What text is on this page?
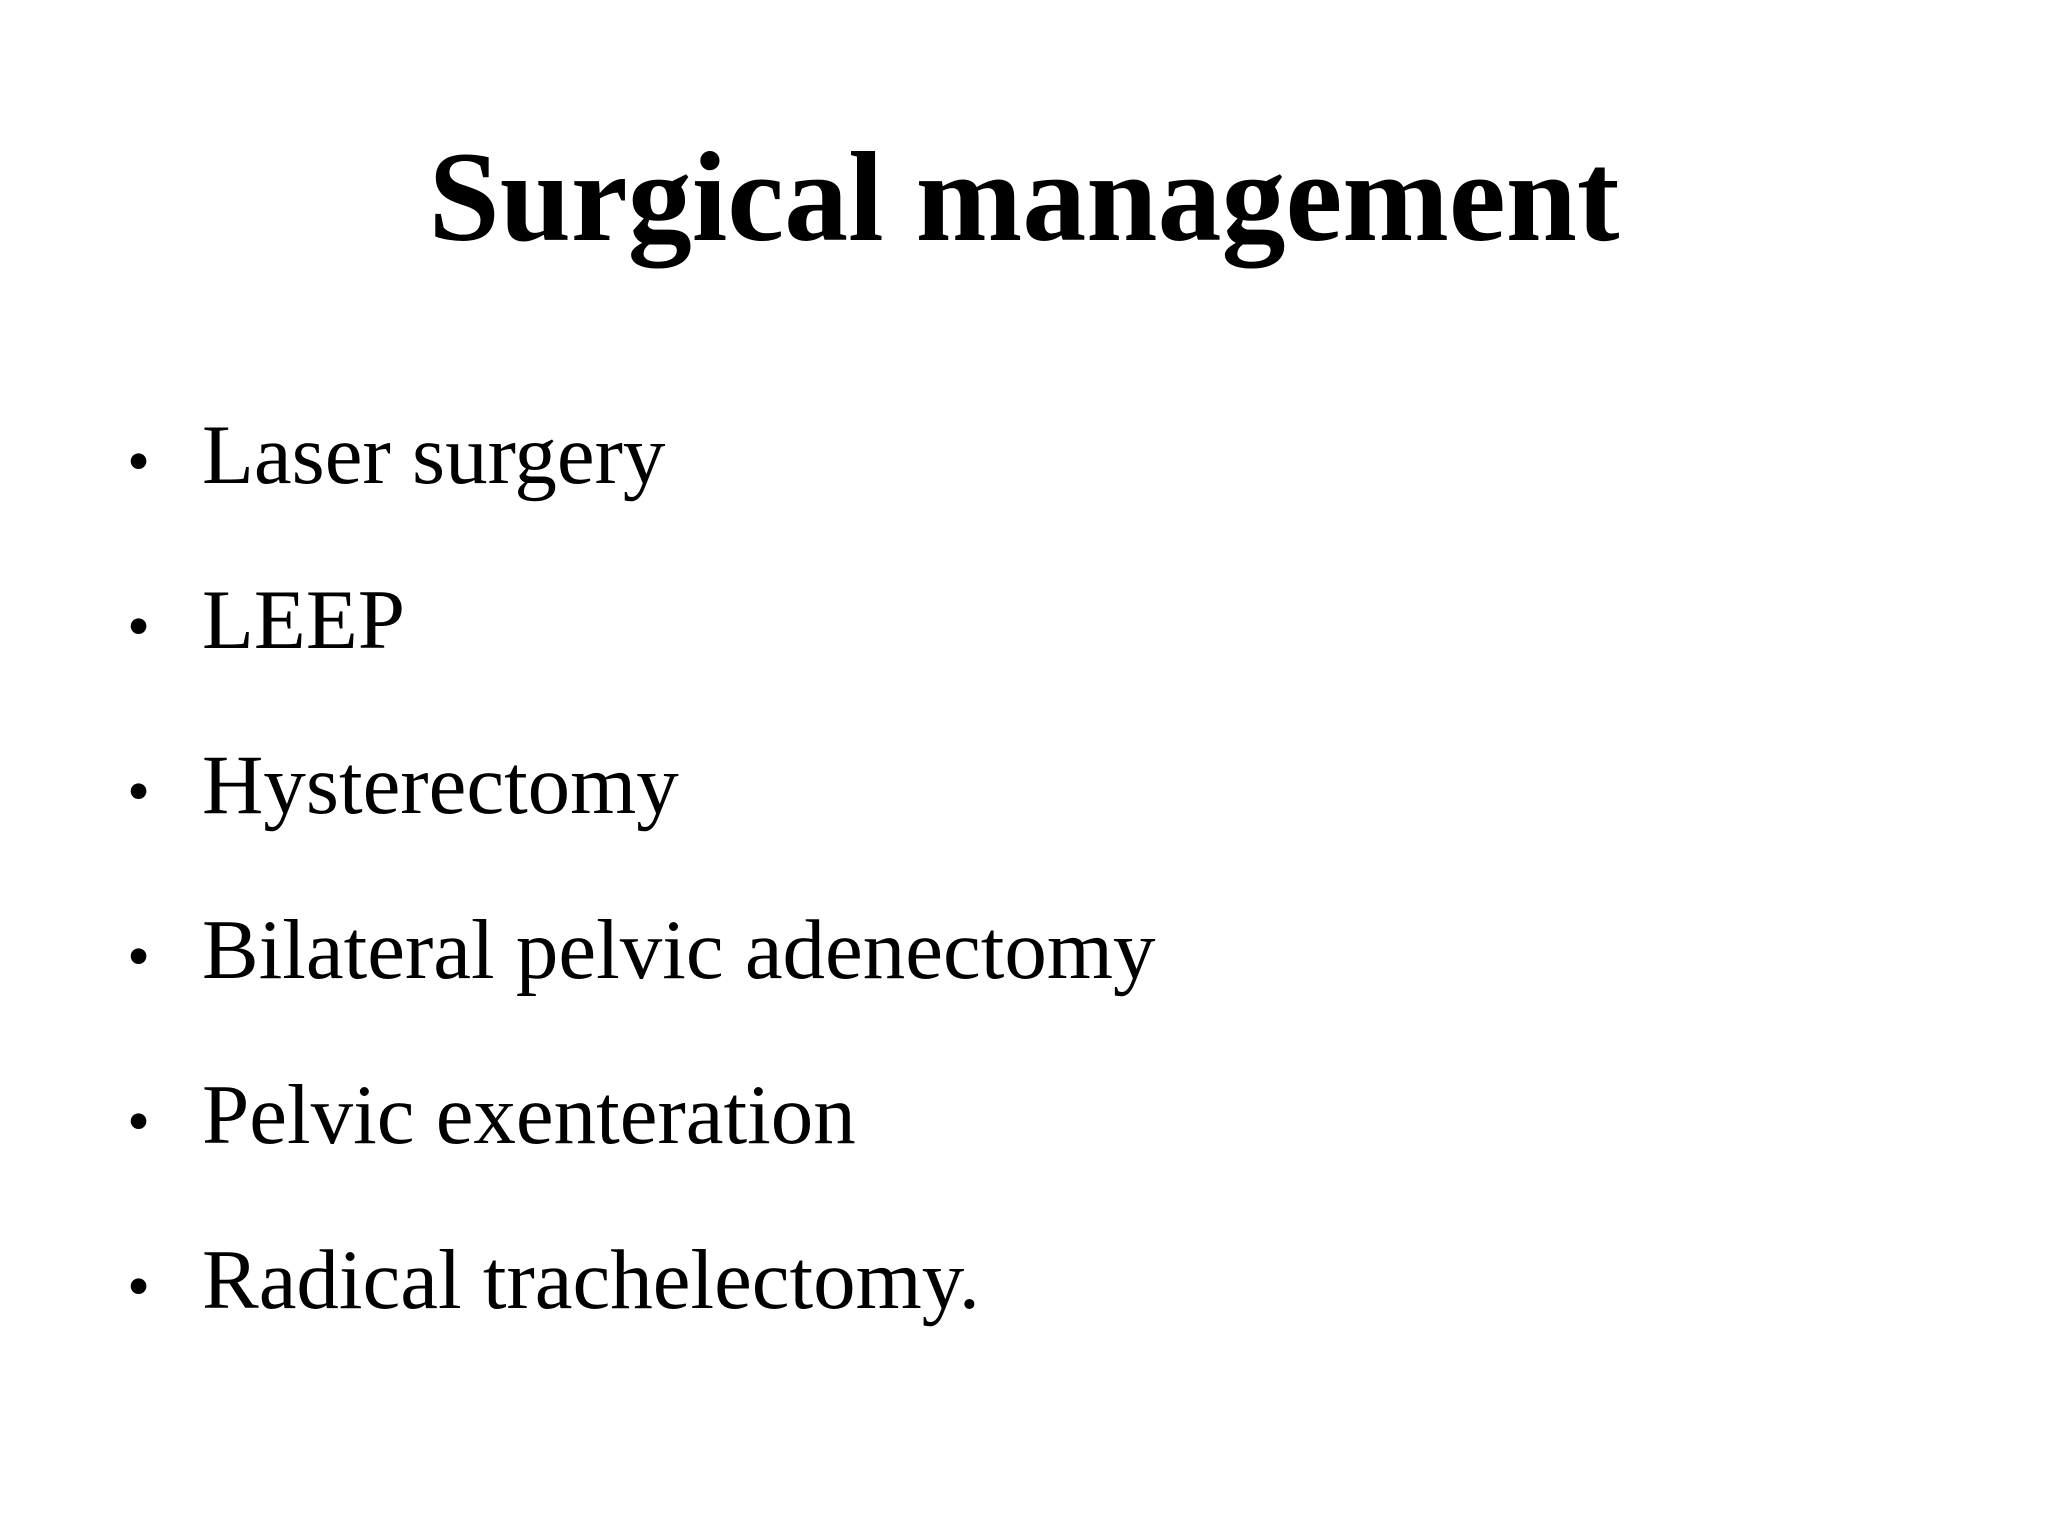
Surgical management
• Laser surgery
• LEEP
• Hysterectomy
• Bilateral pelvic adenectomy
• Pelvic exenteration
• Radical trachelectomy.
